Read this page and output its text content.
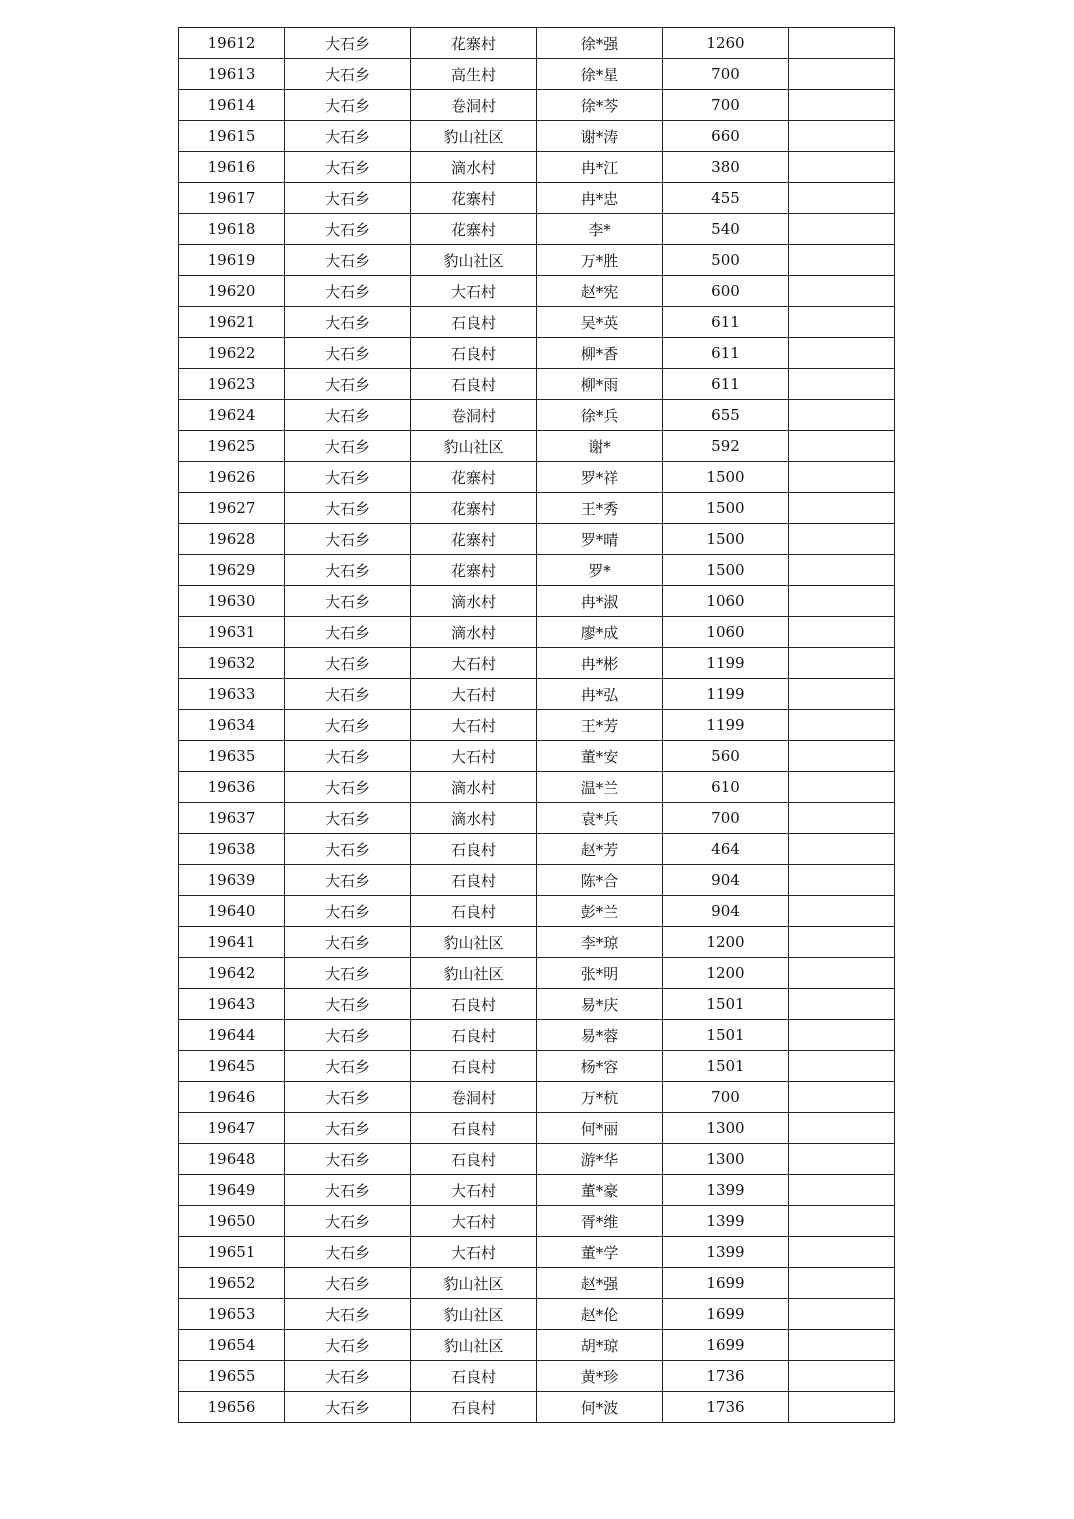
19612	大石乡	花寨村	徐*强	1260	
19613	大石乡	高生村	徐*星	700	
19614	大石乡	卷洞村	徐*芩	700	
19615	大石乡	豹山社区	谢*涛	660	
19616	大石乡	滴水村	冉*江	380	
19617	大石乡	花寨村	冉*忠	455	
19618	大石乡	花寨村	李*	540	
19619	大石乡	豹山社区	万*胜	500	
19620	大石乡	大石村	赵*宪	600	
19621	大石乡	石良村	吴*英	611	
19622	大石乡	石良村	柳*香	611	
19623	大石乡	石良村	柳*雨	611	
19624	大石乡	卷洞村	徐*兵	655	
19625	大石乡	豹山社区	谢*	592	
19626	大石乡	花寨村	罗*祥	1500	
19627	大石乡	花寨村	王*秀	1500	
19628	大石乡	花寨村	罗*晴	1500	
19629	大石乡	花寨村	罗*	1500	
19630	大石乡	滴水村	冉*淑	1060	
19631	大石乡	滴水村	廖*成	1060	
19632	大石乡	大石村	冉*彬	1199	
19633	大石乡	大石村	冉*弘	1199	
19634	大石乡	大石村	王*芳	1199	
19635	大石乡	大石村	董*安	560	
19636	大石乡	滴水村	温*兰	610	
19637	大石乡	滴水村	袁*兵	700	
19638	大石乡	石良村	赵*芳	464	
19639	大石乡	石良村	陈*合	904	
19640	大石乡	石良村	彭*兰	904	
19641	大石乡	豹山社区	李*琼	1200	
19642	大石乡	豹山社区	张*明	1200	
19643	大石乡	石良村	易*庆	1501	
19644	大石乡	石良村	易*蓉	1501	
19645	大石乡	石良村	杨*容	1501	
19646	大石乡	卷洞村	万*杭	700	
19647	大石乡	石良村	何*丽	1300	
19648	大石乡	石良村	游*华	1300	
19649	大石乡	大石村	董*豪	1399	
19650	大石乡	大石村	胥*维	1399	
19651	大石乡	大石村	董*学	1399	
19652	大石乡	豹山社区	赵*强	1699	
19653	大石乡	豹山社区	赵*伦	1699	
19654	大石乡	豹山社区	胡*琼	1699	
19655	大石乡	石良村	黄*珍	1736	
19656	大石乡	石良村	何*波	1736	
